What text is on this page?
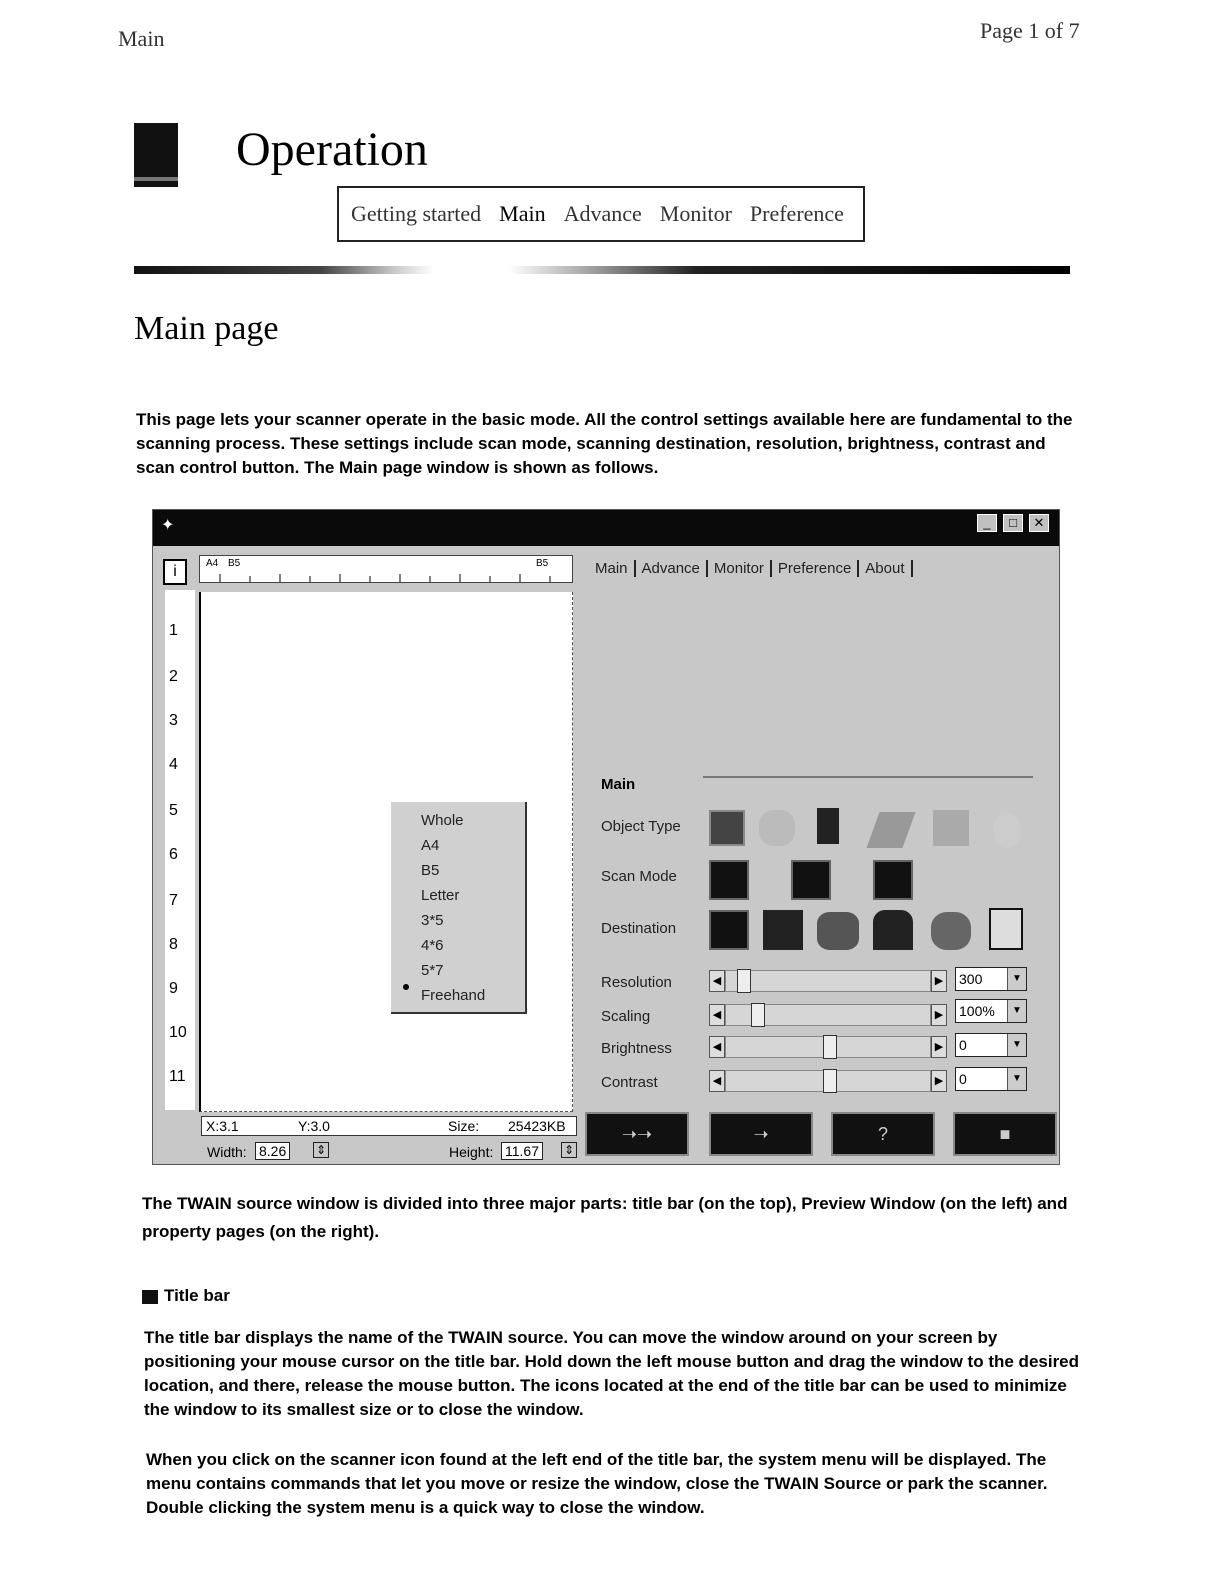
Main	Page 1 of 7
Operation
Getting started Main Advance Monitor Preference
Main page
This page lets your scanner operate in the basic mode. All the control settings available here are fundamental to the scanning process. These settings include scan mode, scanning destination, resolution, brightness, contrast and scan control button. The Main page window is shown as follows.
✦	_	□	✕
i	A4 B5	B5
1
2
3
4
5
6
7
8
9
10
11
Whole
A4
B5
Letter
3*5
4*6
5*7
Freehand
Main Advance Monitor Preference About
Main
Object Type
Scan Mode
Destination
Resolution	◀	▶ 300	▼
Scaling	◀	▶ 100%	▼
Brightness	◀	▶ 0	▼
Contrast	◀	▶ 0	▼
X:3.1	Y:3.0	Size: 25423KB
Width: 8.26	⇕	Height: 11.67	⇕
➝➝	➝	?	■
The TWAIN source window is divided into three major parts: title bar (on the top), Preview Window (on the left) and property pages (on the right).
Title bar
The title bar displays the name of the TWAIN source. You can move the window around on your screen by positioning your mouse cursor on the title bar. Hold down the left mouse button and drag the window to the desired location, and there, release the mouse button. The icons located at the end of the title bar can be used to minimize the window to its smallest size or to close the window.
When you click on the scanner icon found at the left end of the title bar, the system menu will be displayed. The menu contains commands that let you move or resize the window, close the TWAIN Source or park the scanner. Double clicking the system menu is a quick way to close the window.
